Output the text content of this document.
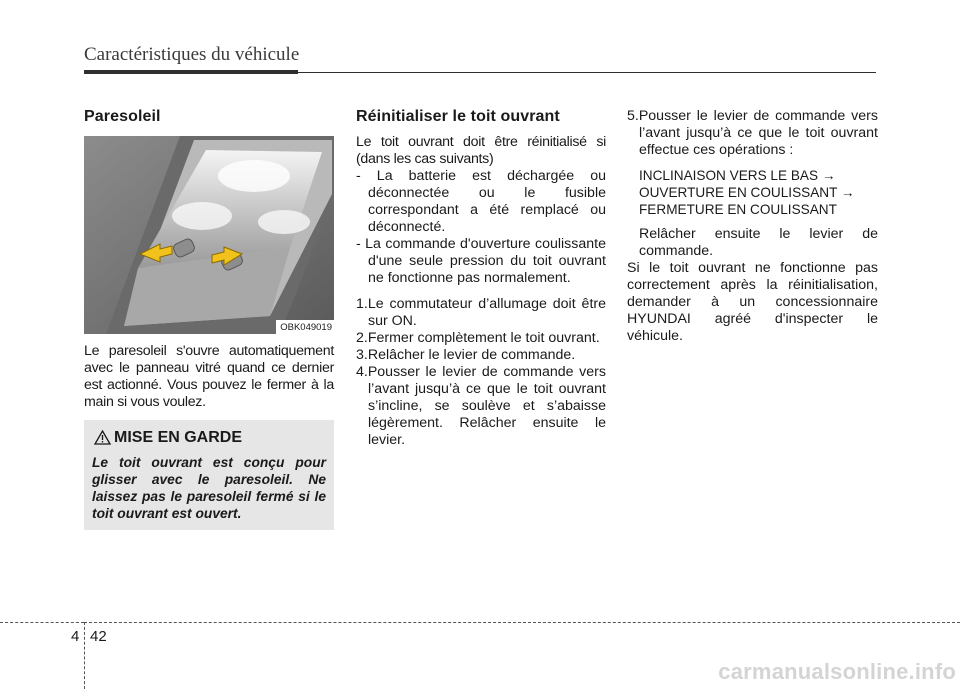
Caractéristiques du véhicule
Paresoleil
OBK049019

Le paresoleil s'ouvre automatiquement avec le panneau vitré quand ce dernier est actionné. Vous pouvez le fermer à la main si vous voulez.

MISE EN GARDE
Le toit ouvrant est conçu pour glisser avec le paresoleil. Ne laissez pas le paresoleil fermé si le toit ouvrant est ouvert.
Réinitialiser le toit ouvrant

Le toit ouvrant doit être réinitialisé si (dans les cas suivants)

- La batterie est déchargée ou déconnectée ou le fusible correspondant a été remplacé ou déconnecté.

- La commande d'ouverture coulissante d'une seule pression du toit ouvrant ne fonctionne pas normalement.

1.Le commutateur d’allumage doit être sur ON.

2.Fermer complètement le toit ouvrant.

3.Relâcher le levier de commande.

4.Pousser le levier de commande vers l’avant jusqu’à ce que le toit ouvrant s’incline, se soulève et s’abaisse légèrement. Relâcher ensuite le levier.

5.Pousser le levier de commande vers l’avant jusqu’à ce que le toit ouvrant effectue ces opérations :

INCLINAISON VERS LE BAS →

OUVERTURE EN COULISSANT →

FERMETURE EN COULISSANT

Relâcher ensuite le levier de commande.

Si le toit ouvrant ne fonctionne pas correctement après la réinitialisation, demander à un concessionnaire HYUNDAI agréé d'inspecter le véhicule.

4 42
carmanualsonline.info
